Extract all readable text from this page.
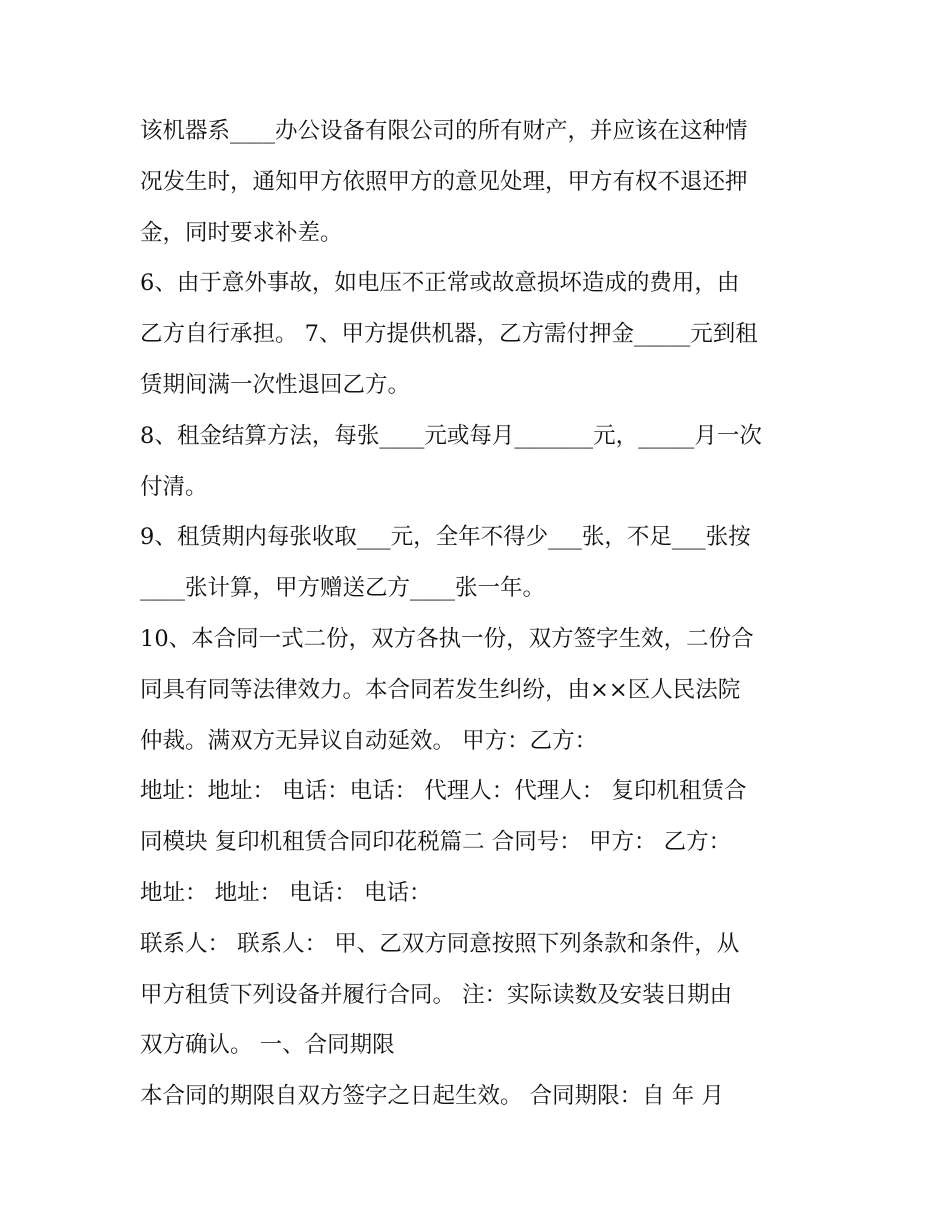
该机器系____办公设备有限公司的所有财产，并应该在这种情
况发生时，通知甲方依照甲方的意见处理，甲方有权不退还押
金，同时要求补差。
6、由于意外事故，如电压不正常或故意损坏造成的费用，由
乙方自行承担。 7、甲方提供机器，乙方需付押金_____元到租
赁期间满一次性退回乙方。
8、租金结算方法，每张____元或每月_______元，_____月一次
付清。
9、租赁期内每张收取___元，全年不得少___张，不足___张按
____张计算，甲方赠送乙方____张一年。
10、本合同一式二份，双方各执一份，双方签字生效，二份合
同具有同等法律效力。本合同若发生纠纷，由××区人民法院
仲裁。满双方无异议自动延效。 甲方：乙方：
地址：地址： 电话：电话： 代理人：代理人： 复印机租赁合
同模块 复印机租赁合同印花税篇二 合同号： 甲方： 乙方：
地址： 地址： 电话： 电话：
联系人： 联系人： 甲、乙双方同意按照下列条款和条件，从
甲方租赁下列设备并履行合同。 注：实际读数及安装日期由
双方确认。 一、合同期限
本合同的期限自双方签字之日起生效。 合同期限：自 年 月
